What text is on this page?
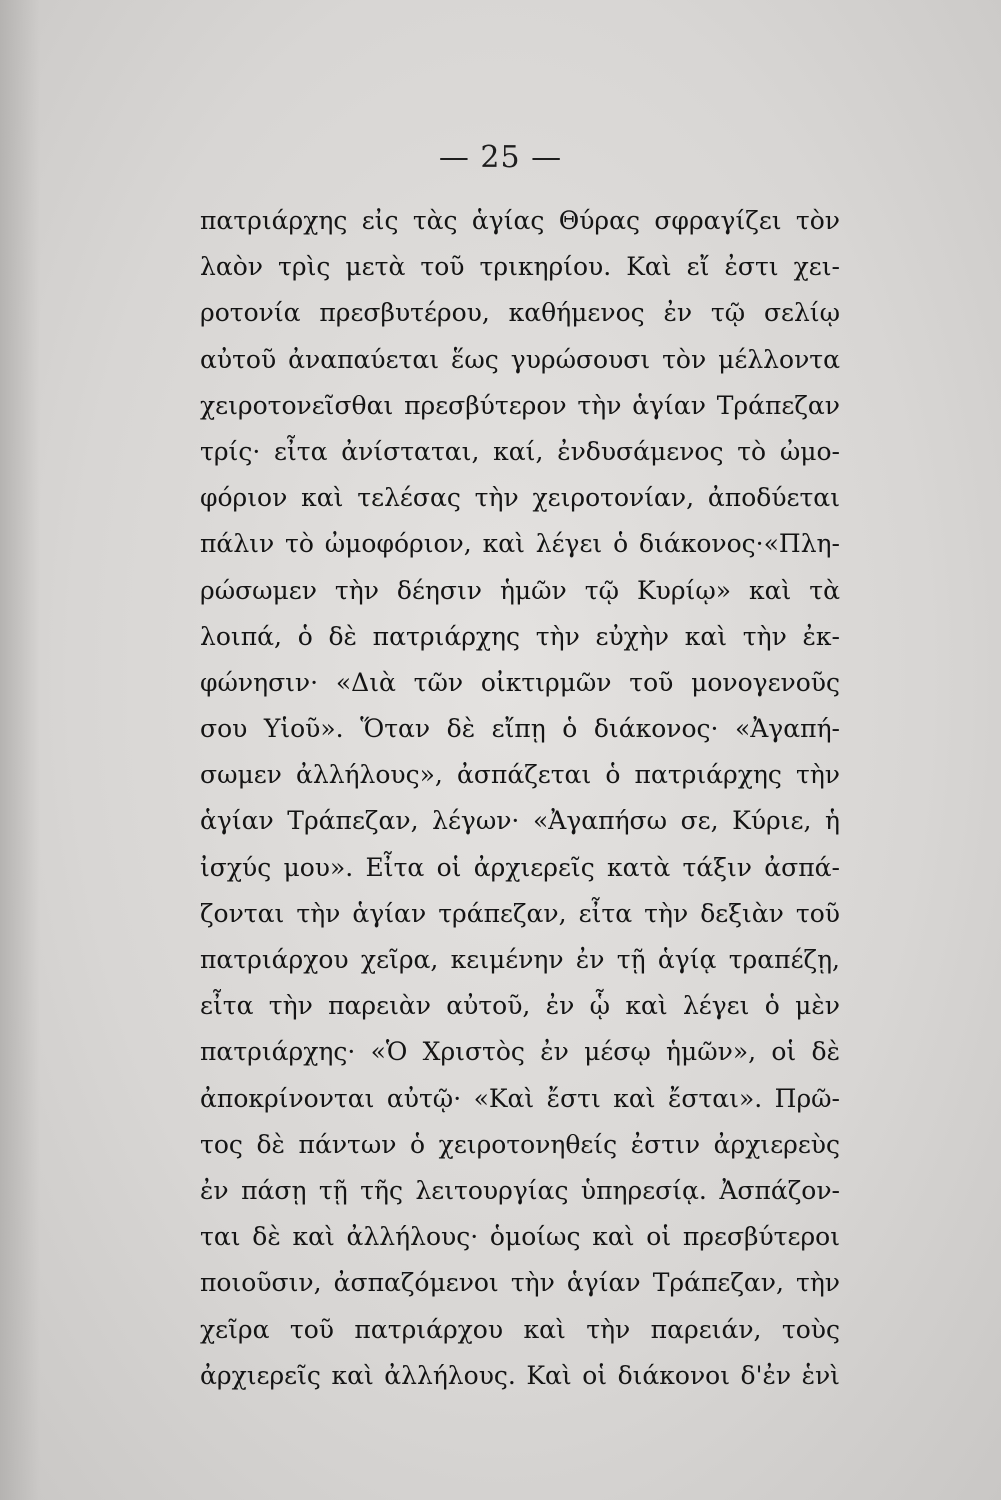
— 25 —
πατριάρχης εἰς τὰς ἁγίας Θύρας σφραγίζει τὸν
λαὸν τρὶς μετὰ τοῦ τρικηρίου. Καὶ εἴ ἐστι χει-
ροτονία πρεσβυτέρου, καθήμενος ἐν τῷ σελίῳ
αὐτοῦ ἀναπαύεται ἕως γυρώσουσι τὸν μέλλοντα
χειροτονεῖσθαι πρεσβύτερον τὴν ἁγίαν Τράπεζαν
τρίς· εἶτα ἀνίσταται, καί, ἐνδυσάμενος τὸ ὠμο-
φόριον καὶ τελέσας τὴν χειροτονίαν, ἀποδύεται
πάλιν τὸ ὠμοφόριον, καὶ λέγει ὁ διάκονος·«Πλη-
ρώσωμεν τὴν δέησιν ἡμῶν τῷ Κυρίῳ» καὶ τὰ
λοιπά, ὁ δὲ πατριάρχης τὴν εὐχὴν καὶ τὴν ἐκ-
φώνησιν· «Διὰ τῶν οἰκτιρμῶν τοῦ μονογενοῦς
σου Υἱοῦ». Ὅταν δὲ εἴπῃ ὁ διάκονος· «Ἀγαπή-
σωμεν ἀλλήλους», ἀσπάζεται ὁ πατριάρχης τὴν
ἁγίαν Τράπεζαν, λέγων· «Ἀγαπήσω σε, Κύριε, ἡ
ἰσχύς μου». Εἶτα οἱ ἀρχιερεῖς κατὰ τάξιν ἀσπά-
ζονται τὴν ἁγίαν τράπεζαν, εἶτα τὴν δεξιὰν τοῦ
πατριάρχου χεῖρα, κειμένην ἐν τῇ ἁγίᾳ τραπέζῃ,
εἶτα τὴν παρειὰν αὐτοῦ, ἐν ᾧ καὶ λέγει ὁ μὲν
πατριάρχης· «Ὁ Χριστὸς ἐν μέσῳ ἡμῶν», οἱ δὲ
ἀποκρίνονται αὐτῷ· «Καὶ ἔστι καὶ ἔσται». Πρῶ-
τος δὲ πάντων ὁ χειροτονηθείς ἐστιν ἀρχιερεὺς
ἐν πάσῃ τῇ τῆς λειτουργίας ὑπηρεσίᾳ. Ἀσπάζον-
ται δὲ καὶ ἀλλήλους· ὁμοίως καὶ οἱ πρεσβύτεροι
ποιοῦσιν, ἀσπαζόμενοι τὴν ἁγίαν Τράπεζαν, τὴν
χεῖρα τοῦ πατριάρχου καὶ τὴν παρειάν, τοὺς
ἀρχιερεῖς καὶ ἀλλήλους. Καὶ οἱ διάκονοι δ'ἐν ἑνὶ
